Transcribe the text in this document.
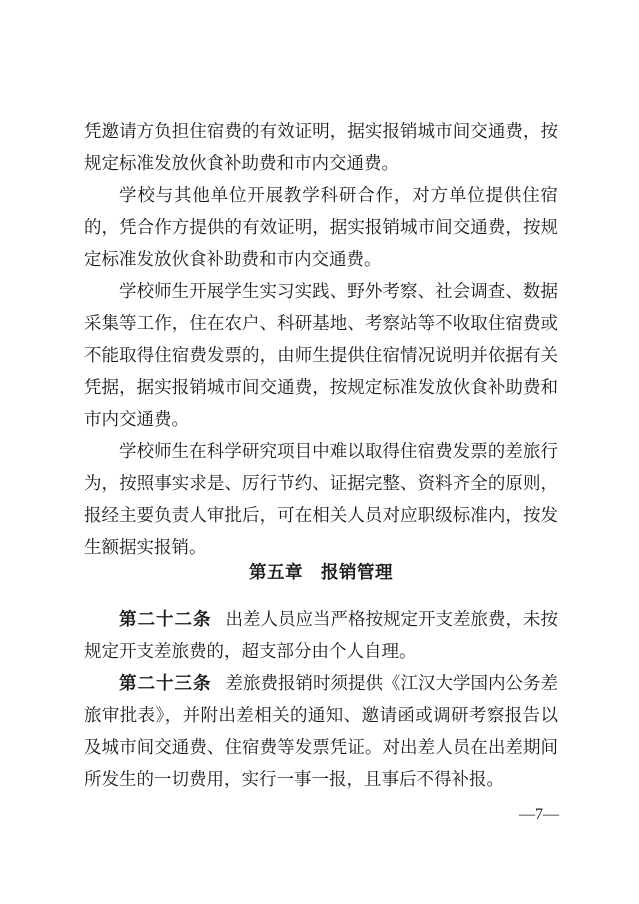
凭邀请方负担住宿费的有效证明，据实报销城市间交通费，按规定标准发放伙食补助费和市内交通费。

学校与其他单位开展教学科研合作，对方单位提供住宿的，凭合作方提供的有效证明，据实报销城市间交通费，按规定标准发放伙食补助费和市内交通费。

学校师生开展学生实习实践、野外考察、社会调查、数据采集等工作，住在农户、科研基地、考察站等不收取住宿费或不能取得住宿费发票的，由师生提供住宿情况说明并依据有关凭据，据实报销城市间交通费，按规定标准发放伙食补助费和市内交通费。

学校师生在科学研究项目中难以取得住宿费发票的差旅行为，按照事实求是、厉行节约、证据完整、资料齐全的原则，报经主要负责人审批后，可在相关人员对应职级标准内，按发生额据实报销。

第五章 报销管理

第二十二条 出差人员应当严格按规定开支差旅费，未按规定开支差旅费的，超支部分由个人自理。

第二十三条 差旅费报销时须提供《江汉大学国内公务差旅审批表》，并附出差相关的通知、邀请函或调研考察报告以及城市间交通费、住宿费等发票凭证。对出差人员在出差期间所发生的一切费用，实行一事一报，且事后不得补报。

—7—
